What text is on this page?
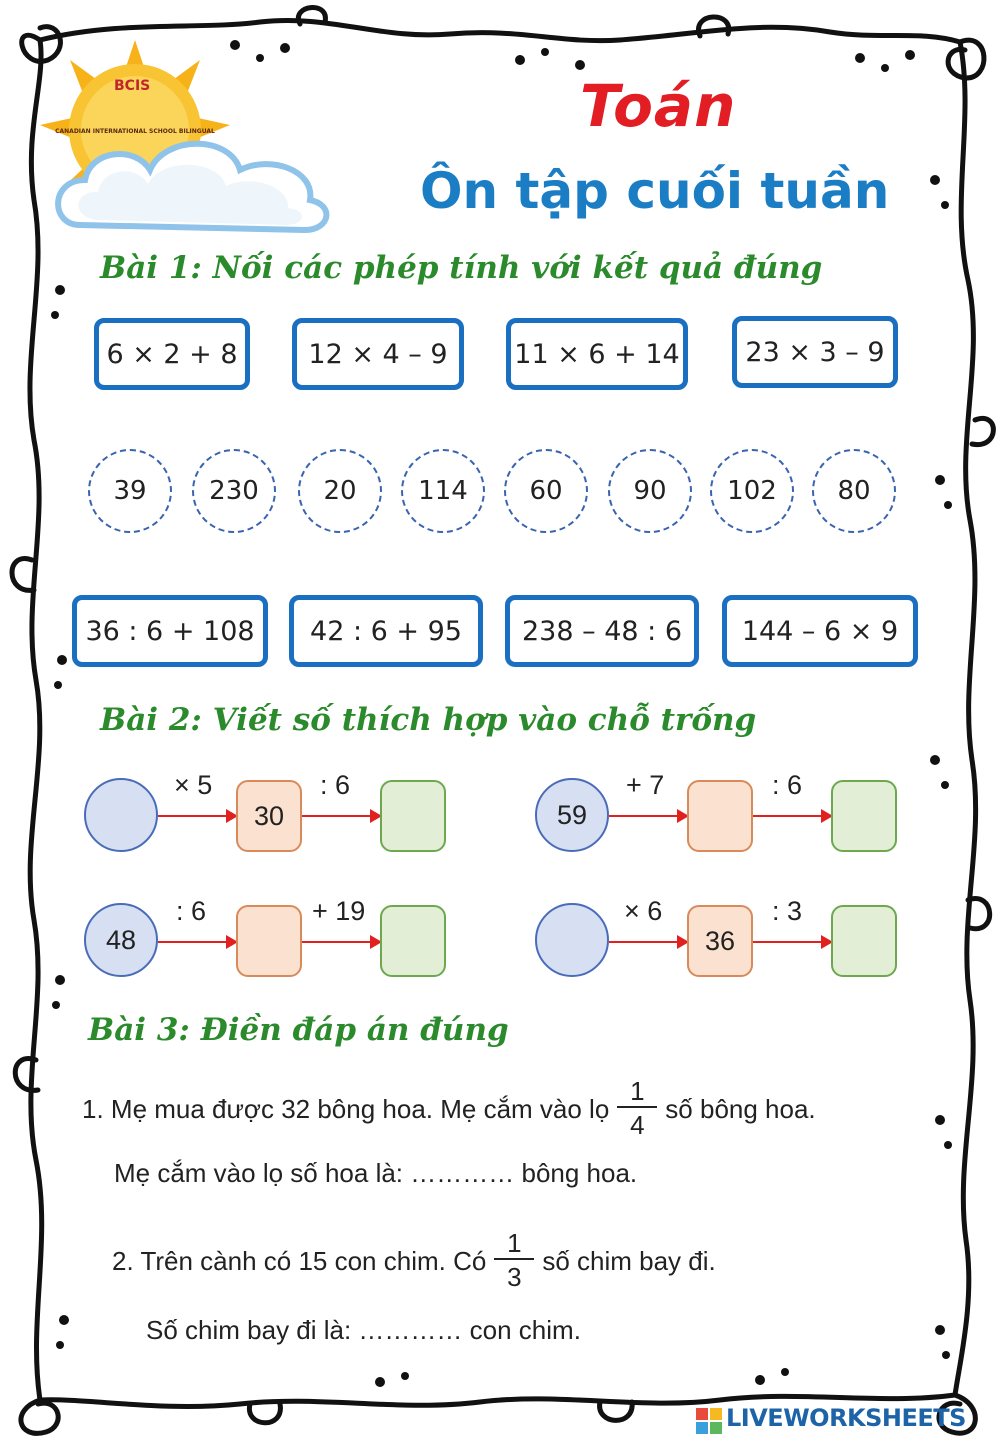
BCIS
CANADIAN INTERNATIONAL SCHOOL BILINGUAL	Toán
Ôn tập cuối tuần
Bài 1: Nối các phép tính với kết quả đúng
6 × 2 + 8	12 × 4 – 9	11 × 6 + 14	23 × 3 – 9
39	230	20	114	60	90	102	80
36 : 6 + 108	42 : 6 + 95	238 – 48 : 6	144 – 6 × 9
Bài 2: Viết số thích hợp vào chỗ trống
× 5
30
: 6
59
+ 7	: 6
48
: 6	+ 19	× 6
36
: 3
Bài 3: Điền đáp án đúng
1. Mẹ mua được 32 bông hoa. Mẹ cắm vào lọ $\frac{1}{4}$ số bông hoa.
Mẹ cắm vào lọ số hoa là: ………… bông hoa.
2. Trên cành có 15 con chim. Có $\frac{1}{3}$ số chim bay đi.
Số chim bay đi là: ………… con chim.
LIVEWORKSHEETS
